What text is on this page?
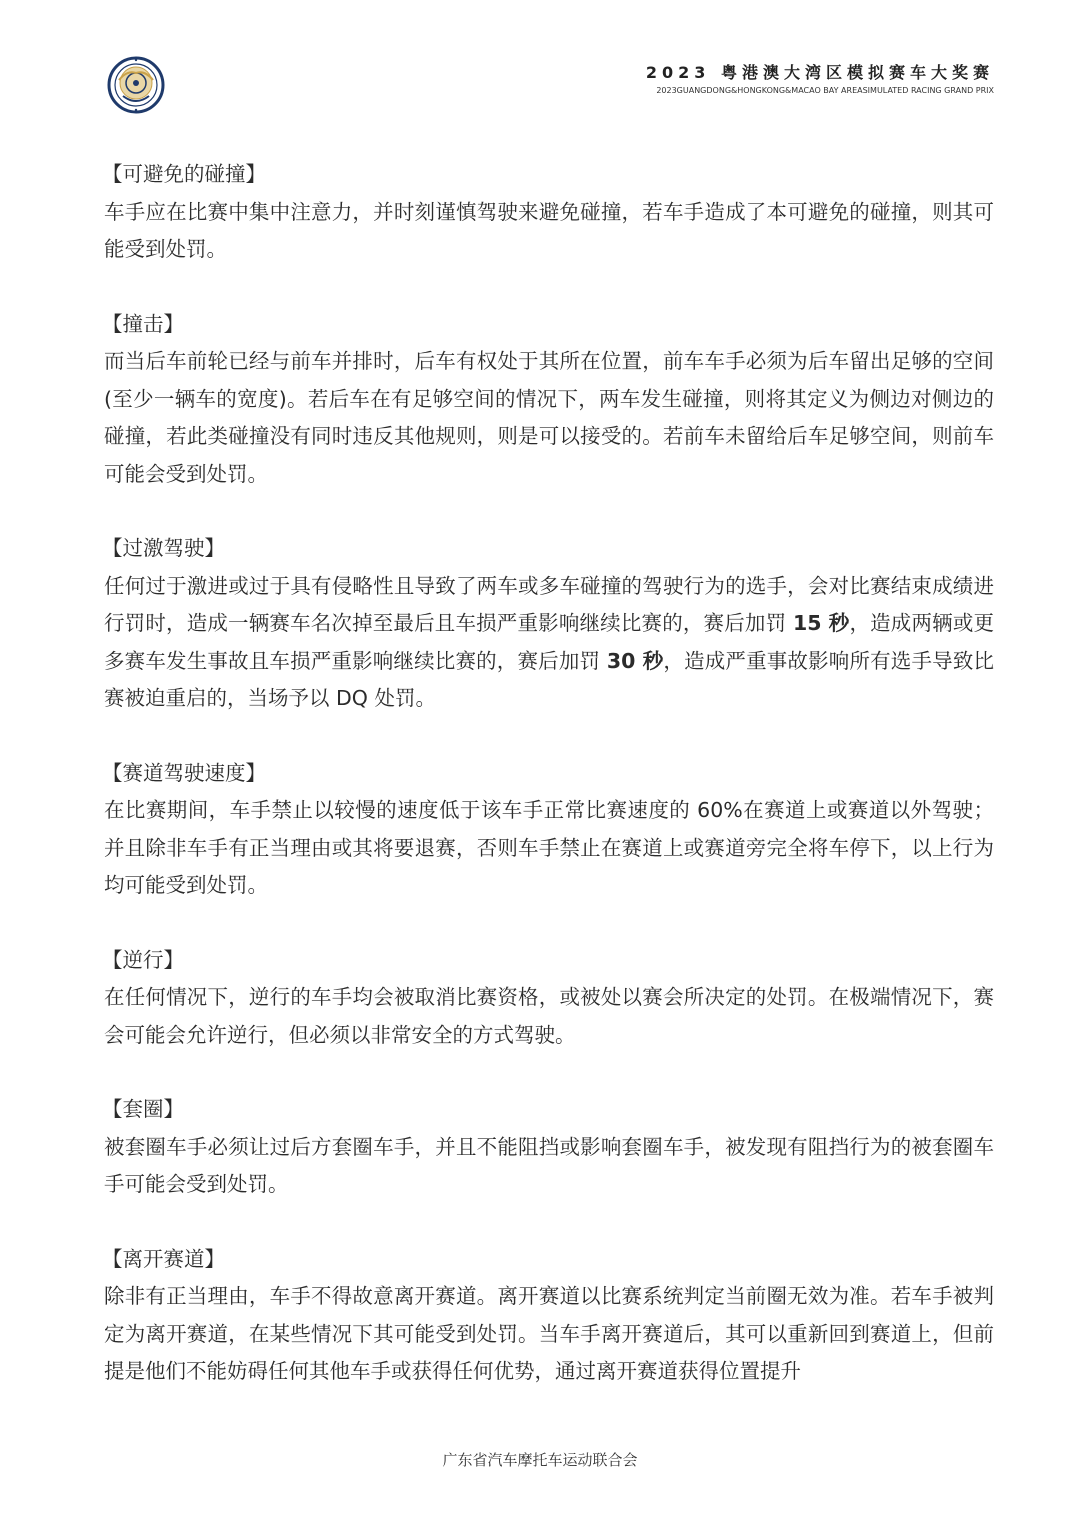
2023 粤港澳大湾区模拟赛车大奖赛
2023GUANGDONG&HONGKONG&MACAO BAY AREASIMULATED RACING GRAND PRIX

【可避免的碰撞】

车手应在比赛中集中注意力，并时刻谨慎驾驶来避免碰撞，若车手造成了本可避免的碰撞，则其可能受到处罚。

【撞击】

而当后车前轮已经与前车并排时，后车有权处于其所在位置，前车车手必须为后车留出足够的空间(至少一辆车的宽度)。若后车在有足够空间的情况下，两车发生碰撞，则将其定义为侧边对侧边的碰撞，若此类碰撞没有同时违反其他规则，则是可以接受的。若前车未留给后车足够空间，则前车可能会受到处罚。

【过激驾驶】

任何过于激进或过于具有侵略性且导致了两车或多车碰撞的驾驶行为的选手，会对比赛结束成绩进行罚时，造成一辆赛车名次掉至最后且车损严重影响继续比赛的，赛后加罚 15 秒，造成两辆或更多赛车发生事故且车损严重影响继续比赛的，赛后加罚 30 秒，造成严重事故影响所有选手导致比赛被迫重启的，当场予以 DQ 处罚。

【赛道驾驶速度】

在比赛期间，车手禁止以较慢的速度低于该车手正常比赛速度的 60%在赛道上或赛道以外驾驶；并且除非车手有正当理由或其将要退赛，否则车手禁止在赛道上或赛道旁完全将车停下，以上行为均可能受到处罚。

【逆行】

在任何情况下，逆行的车手均会被取消比赛资格，或被处以赛会所决定的处罚。在极端情况下，赛会可能会允许逆行，但必须以非常安全的方式驾驶。

【套圈】

被套圈车手必须让过后方套圈车手，并且不能阻挡或影响套圈车手，被发现有阻挡行为的被套圈车手可能会受到处罚。

【离开赛道】

除非有正当理由，车手不得故意离开赛道。离开赛道以比赛系统判定当前圈无效为准。若车手被判定为离开赛道，在某些情况下其可能受到处罚。当车手离开赛道后，其可以重新回到赛道上，但前提是他们不能妨碍任何其他车手或获得任何优势，通过离开赛道获得位置提升

广东省汽车摩托车运动联合会
